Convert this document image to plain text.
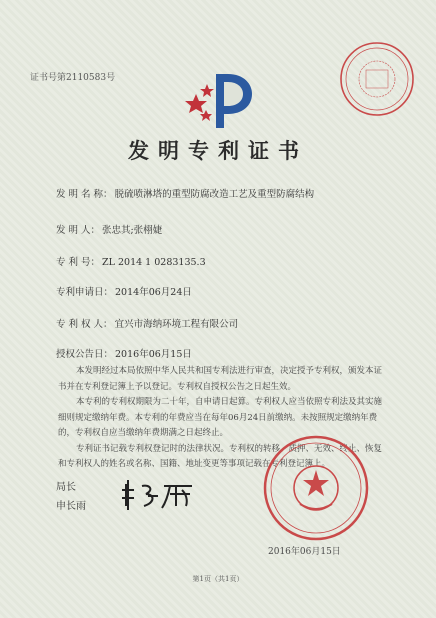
证书号第2110583号
发明专利证书
发 明 名 称： 脱硫喷淋塔的重型防腐改造工艺及重型防腐结构
发 明 人： 张忠其;张栩婕
专 利 号： ZL 2014 1 0283135.3
专利申请日： 2014年06月24日
专 利 权 人： 宜兴市海纳环境工程有限公司
授权公告日： 2016年06月15日

本发明经过本局依照中华人民共和国专利法进行审查，决定授予专利权，颁发本证书并在专利登记簿上予以登记。专利权自授权公告之日起生效。

本专利的专利权期限为二十年，自申请日起算。专利权人应当依照专利法及其实施细则规定缴纳年费。本专利的年费应当在每年06月24日前缴纳。未按照规定缴纳年费的，专利权自应当缴纳年费期满之日起终止。

专利证书记载专利权登记时的法律状况。专利权的转移、质押、无效、终止、恢复和专利权人的姓名或名称、国籍、地址变更等事项记载在专利登记簿上。

局长
申长雨
2016年06月15日
第1页（共1页）
